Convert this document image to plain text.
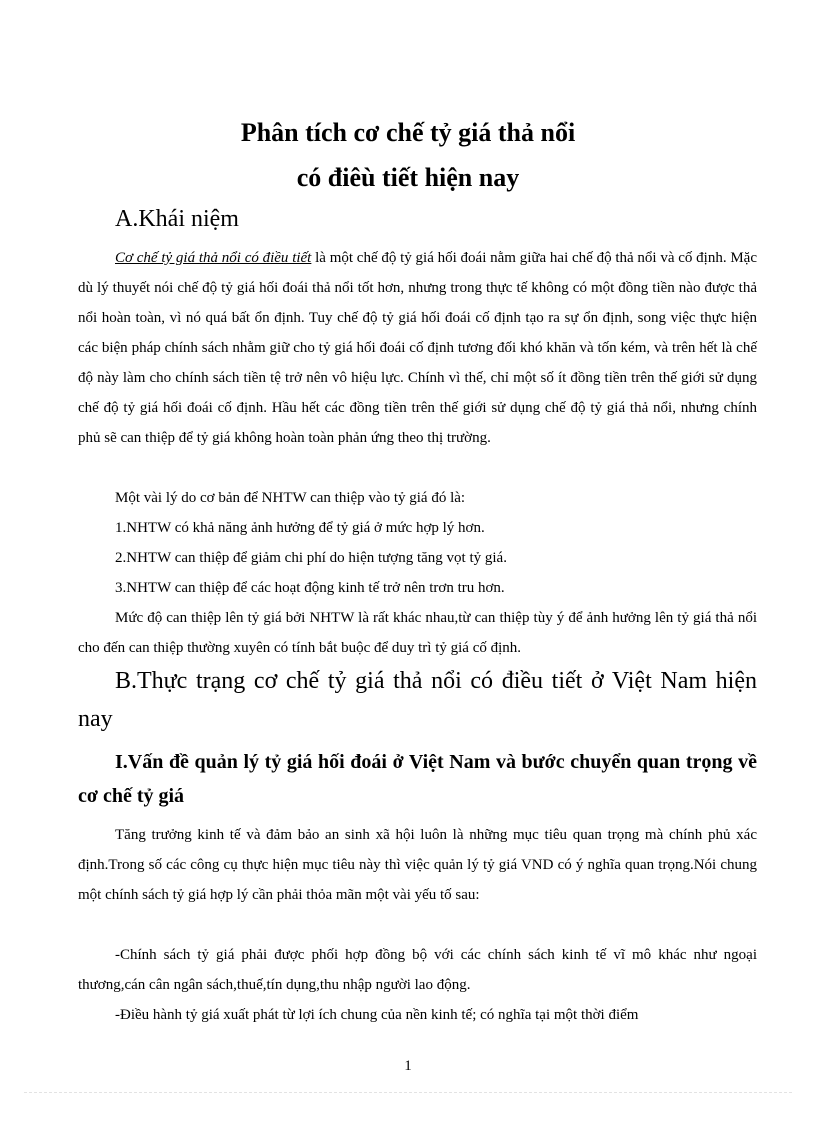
Phân tích cơ chế tỷ giá thả nổi
có điêù tiết hiện nay
A.Khái niệm

Cơ chế tỷ giá thả nổi có điều tiết là một chế độ tỷ giá hối đoái nằm giữa hai chế độ thả nổi và cố định. Mặc dù lý thuyết nói chế độ tỷ giá hối đoái thả nổi tốt hơn, nhưng trong thực tế không có một đồng tiền nào được thả nổi hoàn toàn, vì nó quá bất ổn định. Tuy chế độ tỷ giá hối đoái cố định tạo ra sự ổn định, song việc thực hiện các biện pháp chính sách nhằm giữ cho tỷ giá hối đoái cố định tương đối khó khăn và tốn kém, và trên hết là chế độ này làm cho chính sách tiền tệ trở nên vô hiệu lực. Chính vì thế, chỉ một số ít đồng tiền trên thế giới sử dụng chế độ tỷ giá hối đoái cố định. Hầu hết các đồng tiền trên thế giới sử dụng chế độ tỷ giá thả nổi, nhưng chính phủ sẽ can thiệp để tỷ giá không hoàn toàn phản ứng theo thị trường.

Một vài lý do cơ bản để NHTW can thiệp vào tỷ giá đó là:

1.NHTW có khả năng ảnh hưởng để tỷ giá ở mức hợp lý hơn.

2.NHTW can thiệp để giảm chi phí do hiện tượng tăng vọt tỷ giá.

3.NHTW can thiệp để các hoạt động kinh tế trở nên trơn tru hơn.

Mức độ can thiệp lên tỷ giá bởi NHTW là rất khác nhau,từ can thiệp tùy ý để ảnh hưởng lên tỷ giá thả nổi cho đến can thiệp thường xuyên có tính bắt buộc để duy trì tỷ giá cố định.

B.Thực trạng cơ chế tỷ giá thả nổi có điều tiết ở Việt Nam hiện nay
I.Vấn đề quản lý tỷ giá hối đoái ở Việt Nam và bước chuyển quan trọng về cơ chế tỷ giá

Tăng trưởng kinh tế và đảm bảo an sinh xã hội luôn là những mục tiêu quan trọng mà chính phủ xác định.Trong số các công cụ thực hiện mục tiêu này thì việc quản lý tỷ giá VND có ý nghĩa quan trọng.Nói chung một chính sách tỷ giá hợp lý cần phải thỏa mãn một vài yếu tố sau:

-Chính sách tỷ giá phải được phối hợp đồng bộ với các chính sách kinh tế vĩ mô khác như ngoại thương,cán cân ngân sách,thuế,tín dụng,thu nhập người lao động.

-Điều hành tỷ giá xuất phát từ lợi ích chung của nền kinh tế; có nghĩa tại một thời điểm

1
